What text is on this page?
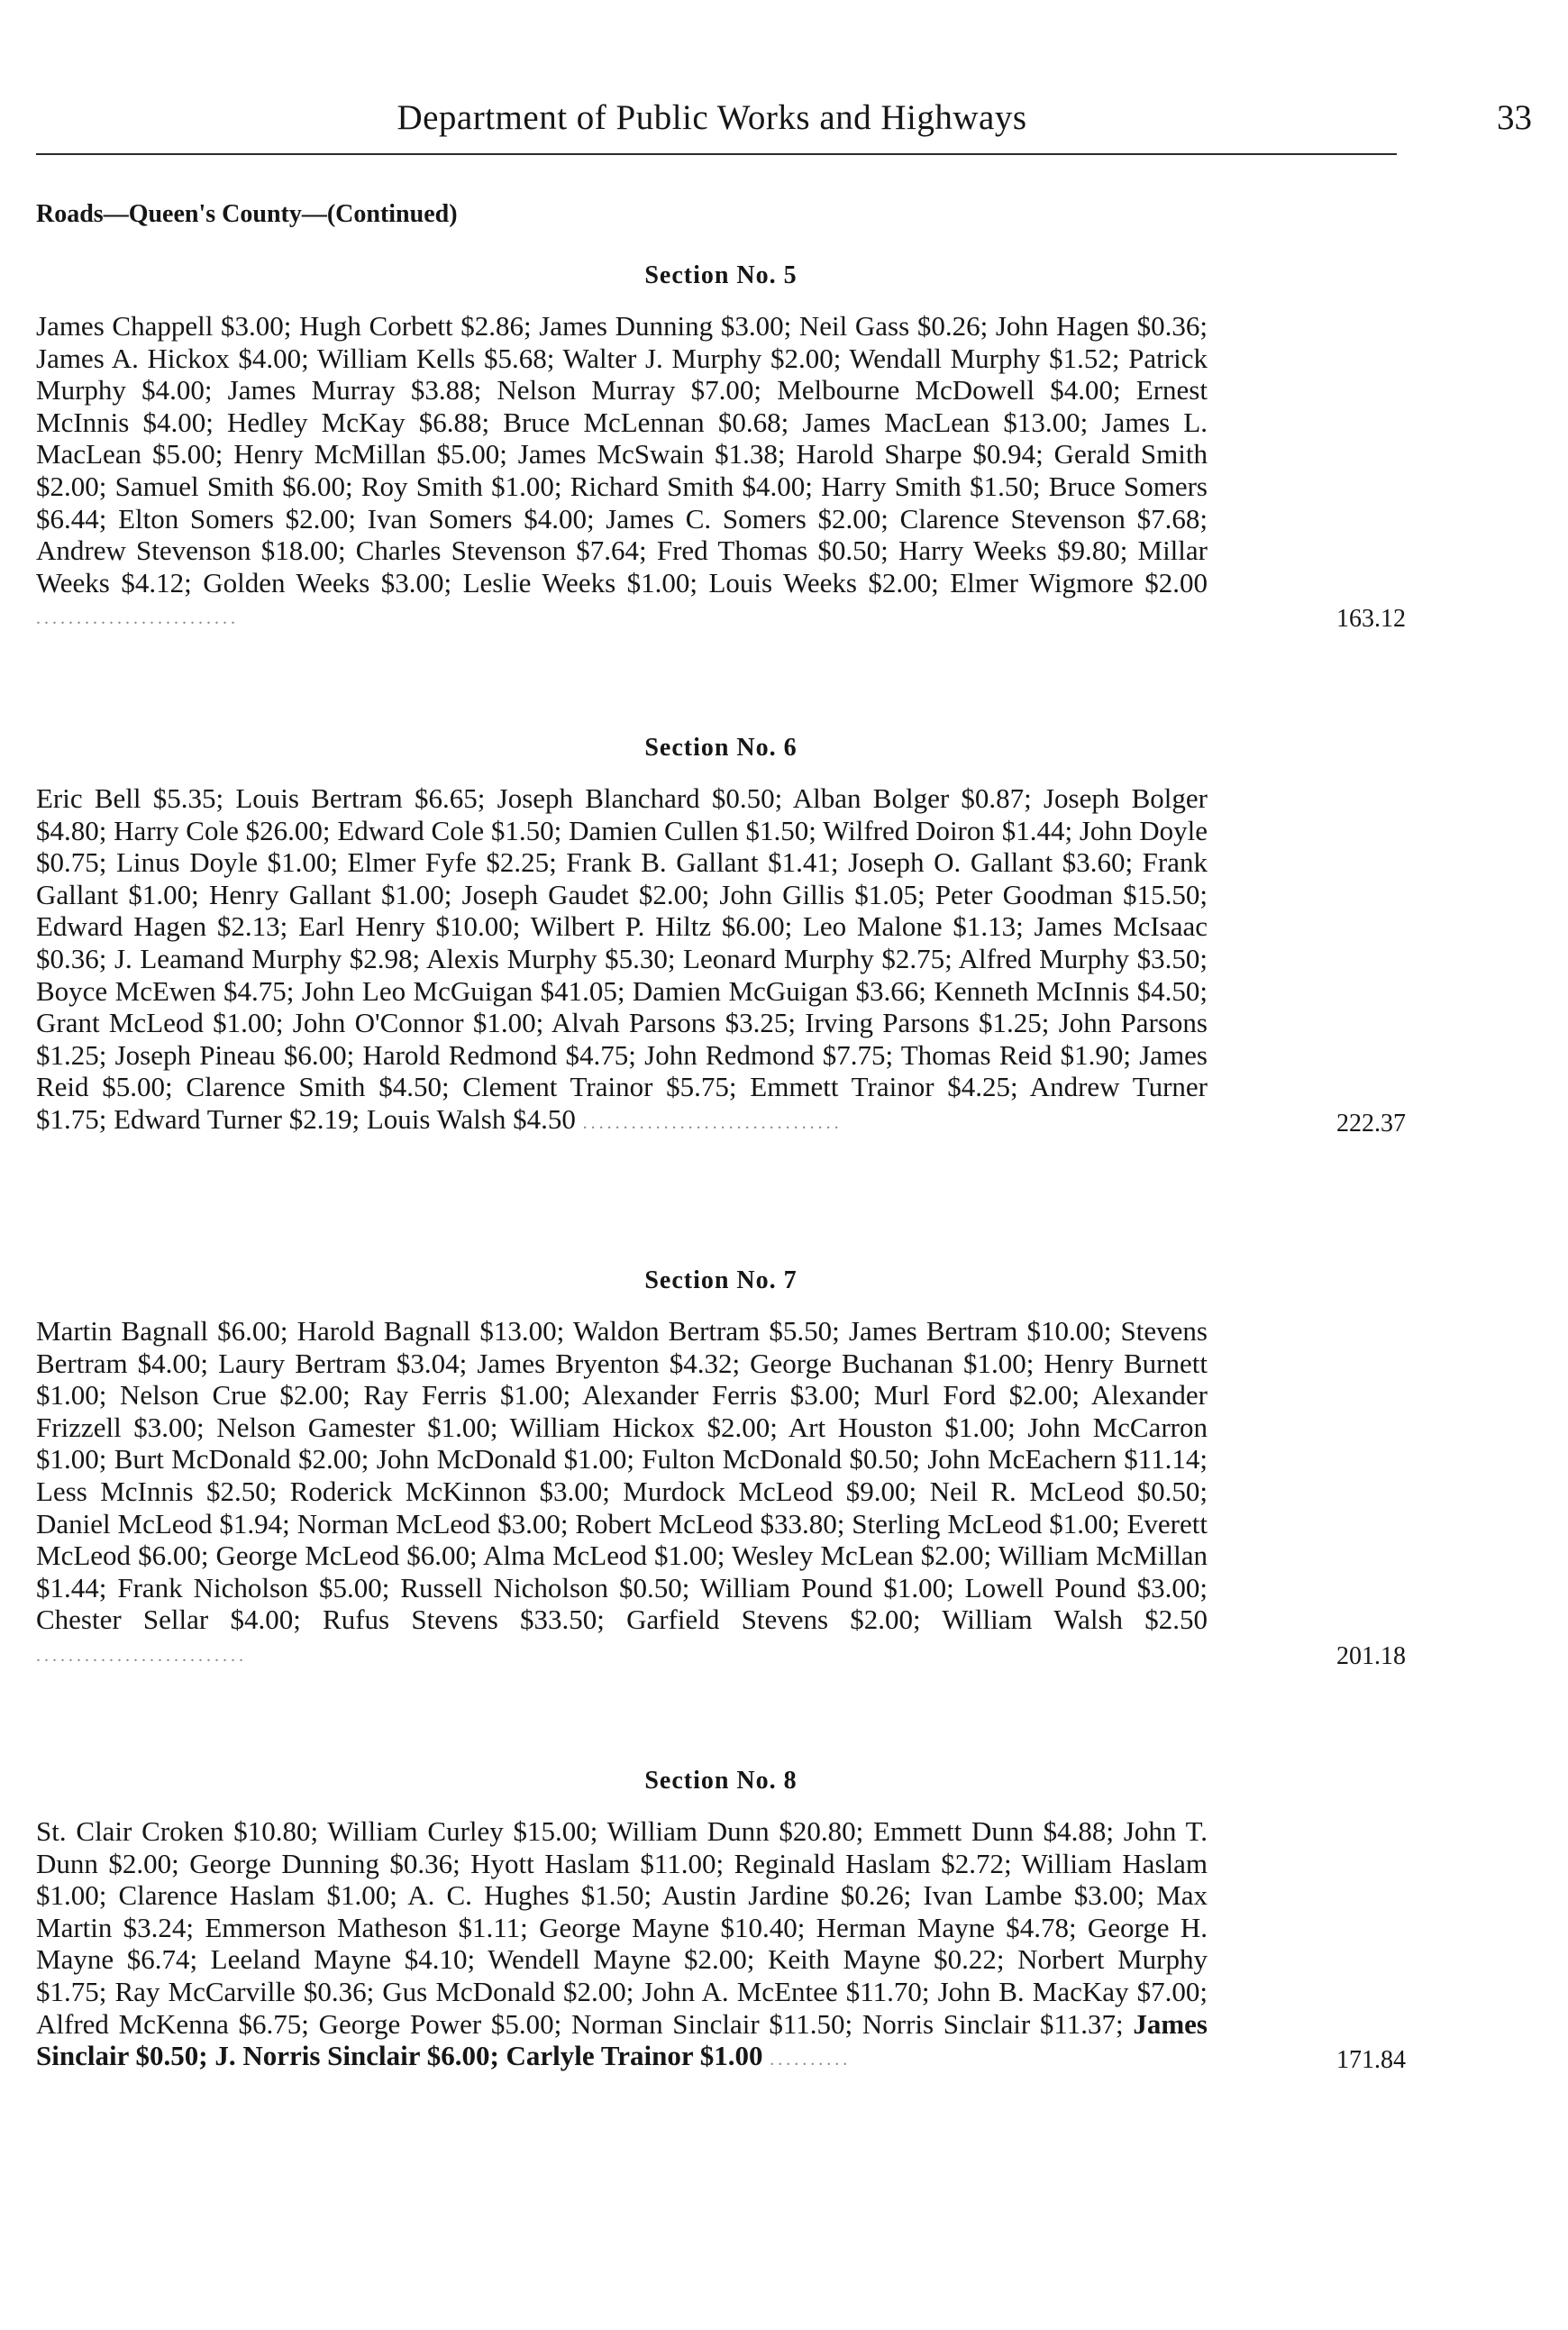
Department of Public Works and Highways	33
Roads—Queen's County—(Continued)
Section No. 5
James Chappell $3.00; Hugh Corbett $2.86; James Dunning $3.00; Neil Gass $0.26; John Hagen $0.36; James A. Hickox $4.00; William Kells $5.68; Walter J. Murphy $2.00; Wendall Murphy $1.52; Patrick Murphy $4.00; James Murray $3.88; Nelson Murray $7.00; Melbourne McDowell $4.00; Ernest McInnis $4.00; Hedley McKay $6.88; Bruce McLennan $0.68; James MacLean $13.00; James L. MacLean $5.00; Henry McMillan $5.00; James McSwain $1.38; Harold Sharpe $0.94; Gerald Smith $2.00; Samuel Smith $6.00; Roy Smith $1.00; Richard Smith $4.00; Harry Smith $1.50; Bruce Somers $6.44; Elton Somers $2.00; Ivan Somers $4.00; James C. Somers $2.00; Clarence Stevenson $7.68; Andrew Stevenson $18.00; Charles Stevenson $7.64; Fred Thomas $0.50; Harry Weeks $9.80; Millar Weeks $4.12; Golden Weeks $3.00; Leslie Weeks $1.00; Louis Weeks $2.00; Elmer Wigmore $2.00 .........................	163.12
Section No. 6
Eric Bell $5.35; Louis Bertram $6.65; Joseph Blanchard $0.50; Alban Bolger $0.87; Joseph Bolger $4.80; Harry Cole $26.00; Edward Cole $1.50; Damien Cullen $1.50; Wilfred Doiron $1.44; John Doyle $0.75; Linus Doyle $1.00; Elmer Fyfe $2.25; Frank B. Gallant $1.41; Joseph O. Gallant $3.60; Frank Gallant $1.00; Henry Gallant $1.00; Joseph Gaudet $2.00; John Gillis $1.05; Peter Goodman $15.50; Edward Hagen $2.13; Earl Henry $10.00; Wilbert P. Hiltz $6.00; Leo Malone $1.13; James McIsaac $0.36; J. Leamand Murphy $2.98; Alexis Murphy $5.30; Leonard Murphy $2.75; Alfred Murphy $3.50; Boyce McEwen $4.75; John Leo McGuigan $41.05; Damien McGuigan $3.66; Kenneth McInnis $4.50; Grant McLeod $1.00; John O'Connor $1.00; Alvah Parsons $3.25; Irving Parsons $1.25; John Parsons $1.25; Joseph Pineau $6.00; Harold Redmond $4.75; John Redmond $7.75; Thomas Reid $1.90; James Reid $5.00; Clarence Smith $4.50; Clement Trainor $5.75; Emmett Trainor $4.25; Andrew Turner $1.75; Edward Turner $2.19; Louis Walsh $4.50 ................................	222.37
Section No. 7
Martin Bagnall $6.00; Harold Bagnall $13.00; Waldon Bertram $5.50; James Bertram $10.00; Stevens Bertram $4.00; Laury Bertram $3.04; James Bryenton $4.32; George Buchanan $1.00; Henry Burnett $1.00; Nelson Crue $2.00; Ray Ferris $1.00; Alexander Ferris $3.00; Murl Ford $2.00; Alexander Frizzell $3.00; Nelson Gamester $1.00; William Hickox $2.00; Art Houston $1.00; John McCarron $1.00; Burt McDonald $2.00; John McDonald $1.00; Fulton McDonald $0.50; John McEachern $11.14; Less McInnis $2.50; Roderick McKinnon $3.00; Murdock McLeod $9.00; Neil R. McLeod $0.50; Daniel McLeod $1.94; Norman McLeod $3.00; Robert McLeod $33.80; Sterling McLeod $1.00; Everett McLeod $6.00; George McLeod $6.00; Alma McLeod $1.00; Wesley McLean $2.00; William McMillan $1.44; Frank Nicholson $5.00; Russell Nicholson $0.50; William Pound $1.00; Lowell Pound $3.00; Chester Sellar $4.00; Rufus Stevens $33.50; Garfield Stevens $2.00; William Walsh $2.50 ..........................	201.18
Section No. 8
St. Clair Croken $10.80; William Curley $15.00; William Dunn $20.80; Emmett Dunn $4.88; John T. Dunn $2.00; George Dunning $0.36; Hyott Haslam $11.00; Reginald Haslam $2.72; William Haslam $1.00; Clarence Haslam $1.00; A. C. Hughes $1.50; Austin Jardine $0.26; Ivan Lambe $3.00; Max Martin $3.24; Emmerson Matheson $1.11; George Mayne $10.40; Herman Mayne $4.78; George H. Mayne $6.74; Leeland Mayne $4.10; Wendell Mayne $2.00; Keith Mayne $0.22; Norbert Murphy $1.75; Ray McCarville $0.36; Gus McDonald $2.00; John A. McEntee $11.70; John B. MacKay $7.00; Alfred McKenna $6.75; George Power $5.00; Norman Sinclair $11.50; Norris Sinclair $11.37; James Sinclair $0.50; J. Norris Sinclair $6.00; Carlyle Trainor $1.00 ..........	171.84
